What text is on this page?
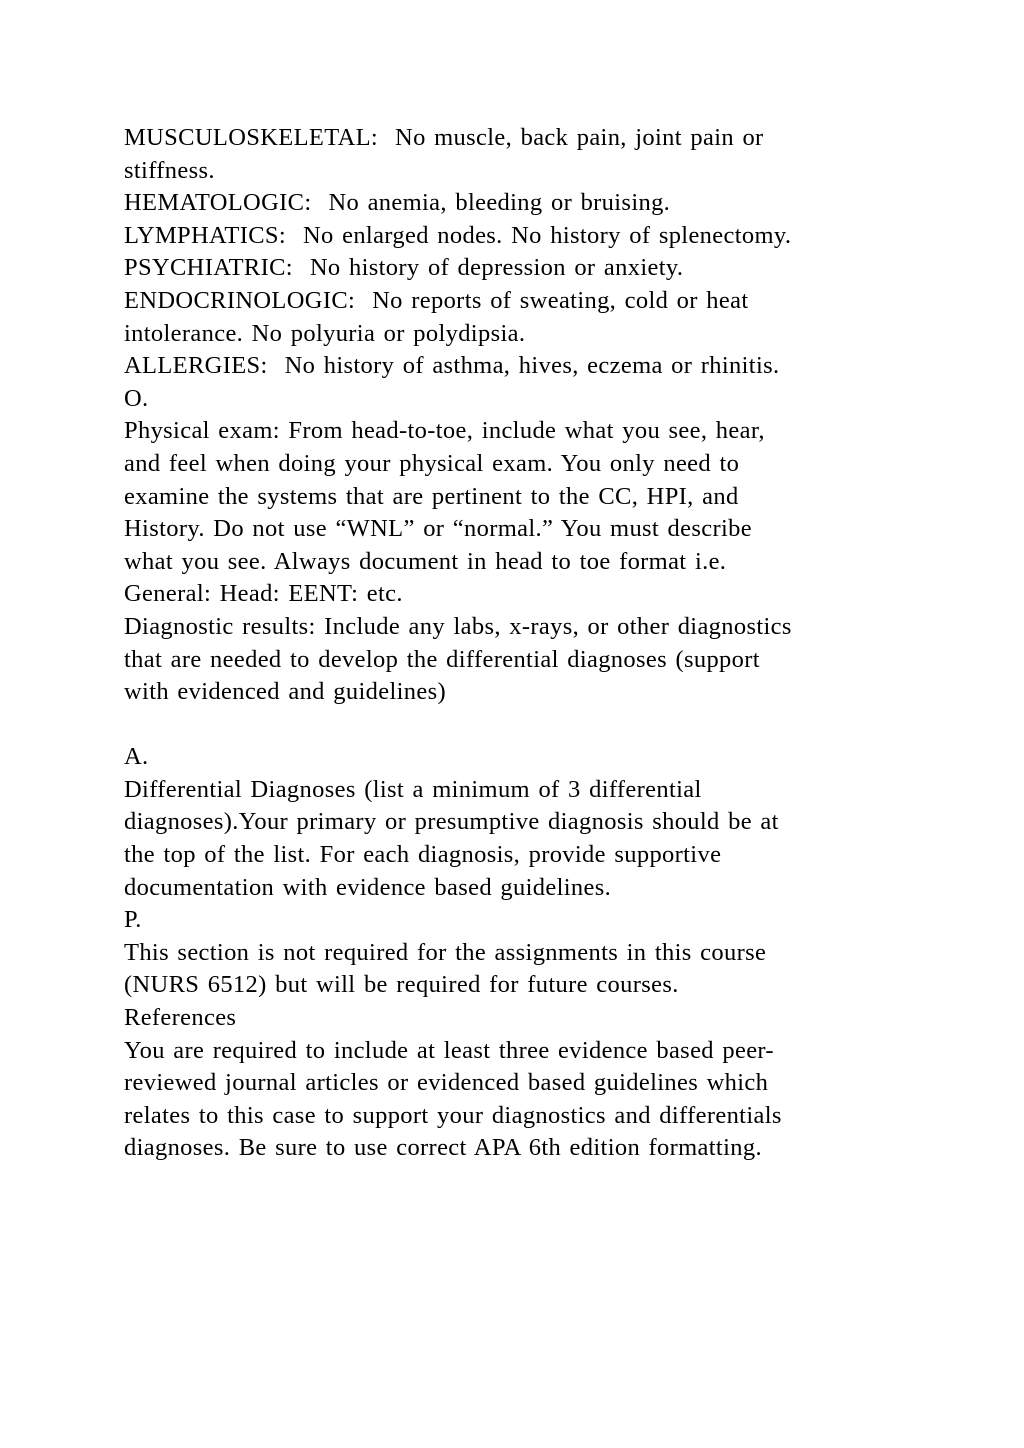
MUSCULOSKELETAL:  No muscle, back pain, joint pain or
stiffness.
HEMATOLOGIC:  No anemia, bleeding or bruising.
LYMPHATICS:  No enlarged nodes. No history of splenectomy.
PSYCHIATRIC:  No history of depression or anxiety.
ENDOCRINOLOGIC:  No reports of sweating, cold or heat
intolerance. No polyuria or polydipsia.
ALLERGIES:  No history of asthma, hives, eczema or rhinitis.
O.
Physical exam: From head-to-toe, include what you see, hear,
and feel when doing your physical exam. You only need to
examine the systems that are pertinent to the CC, HPI, and
History. Do not use “WNL” or “normal.” You must describe
what you see. Always document in head to toe format i.e.
General: Head: EENT: etc.
Diagnostic results: Include any labs, x-rays, or other diagnostics
that are needed to develop the differential diagnoses (support
with evidenced and guidelines)
A.
Differential Diagnoses (list a minimum of 3 differential
diagnoses).Your primary or presumptive diagnosis should be at
the top of the list. For each diagnosis, provide supportive
documentation with evidence based guidelines.
P.
This section is not required for the assignments in this course
(NURS 6512) but will be required for future courses.
References
You are required to include at least three evidence based peer-
reviewed journal articles or evidenced based guidelines which
relates to this case to support your diagnostics and differentials
diagnoses. Be sure to use correct APA 6th edition formatting.
